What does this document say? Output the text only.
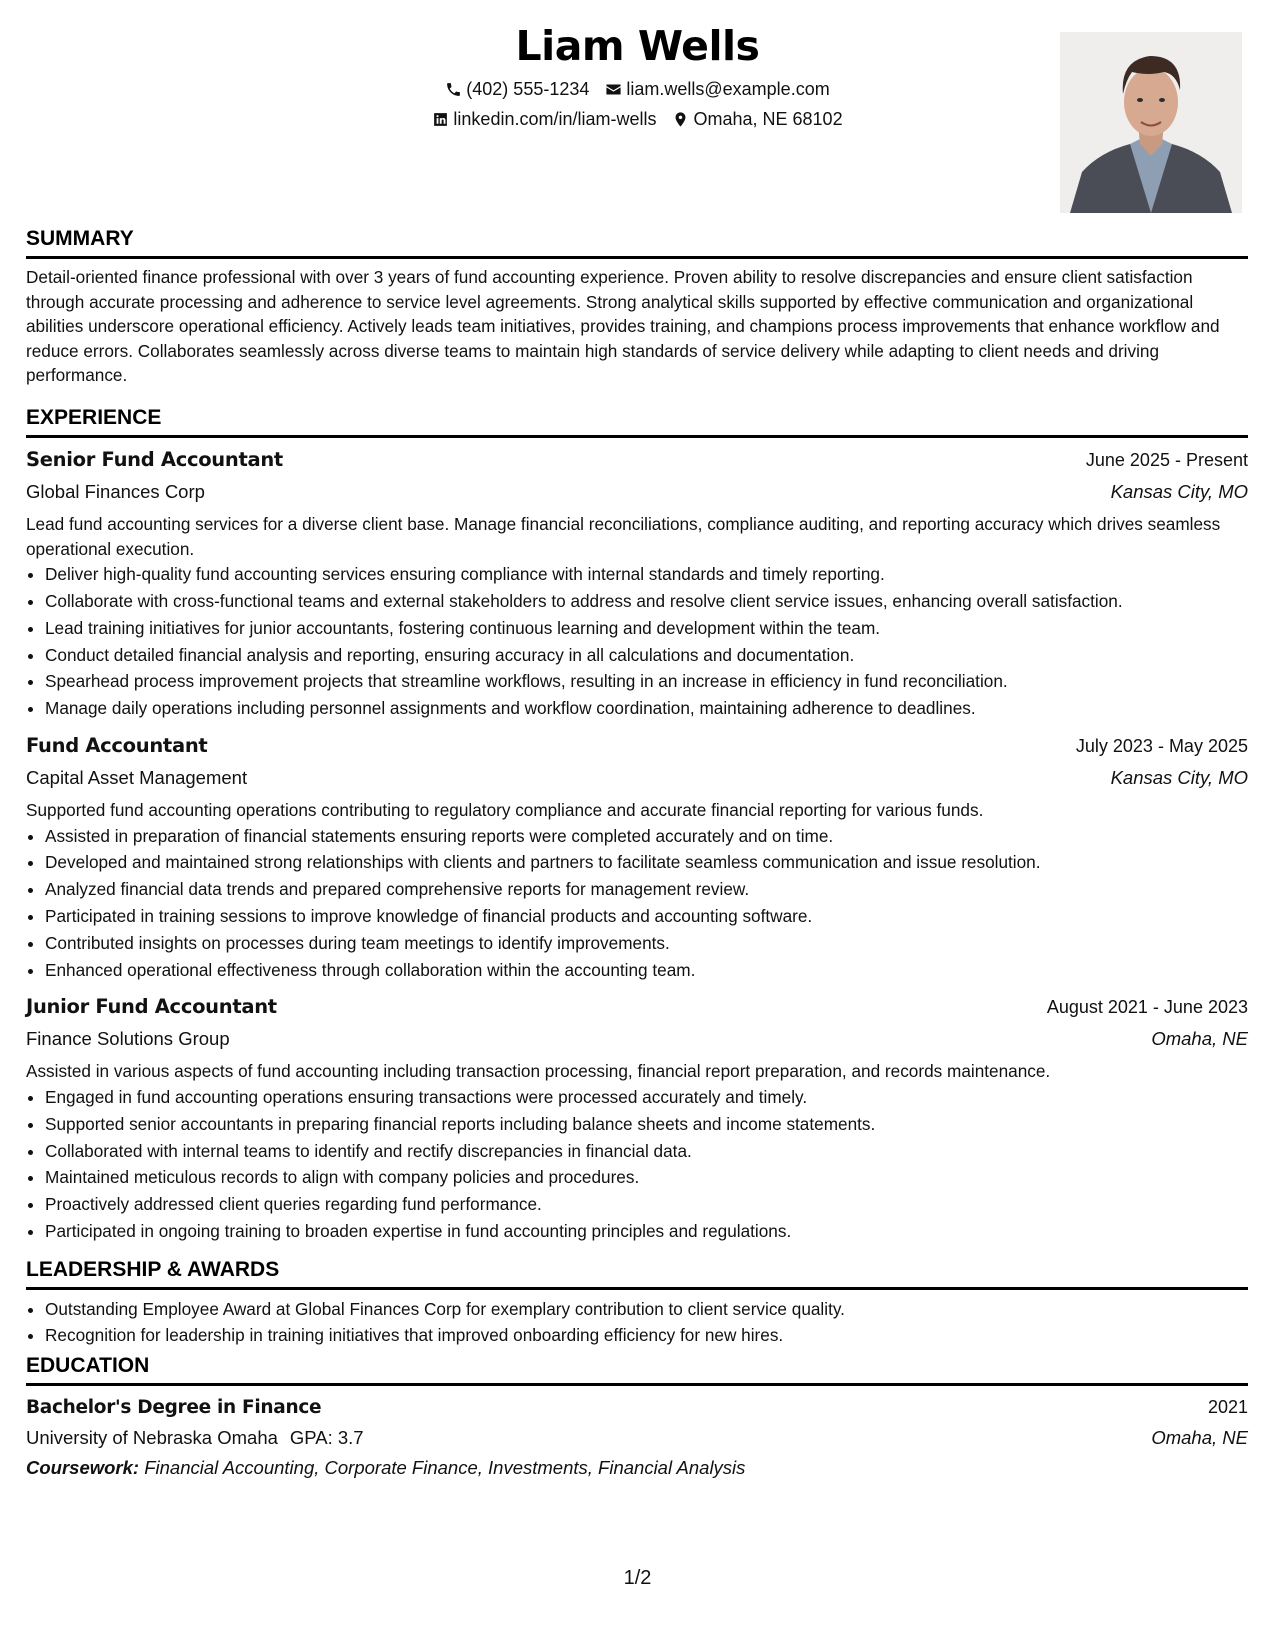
Liam Wells
(402) 555-1234 liam.wells@example.com
linkedin.com/in/liam-wells Omaha, NE 68102
SUMMARY

Detail-oriented finance professional with over 3 years of fund accounting experience. Proven ability to resolve discrepancies and ensure client satisfaction through accurate processing and adherence to service level agreements. Strong analytical skills supported by effective communication and organizational abilities underscore operational efficiency. Actively leads team initiatives, provides training, and champions process improvements that enhance workflow and reduce errors. Collaborates seamlessly across diverse teams to maintain high standards of service delivery while adapting to client needs and driving performance.

EXPERIENCE
Senior Fund Accountant	June 2025 - Present
Global Finances Corp	Kansas City, MO

Lead fund accounting services for a diverse client base. Manage financial reconciliations, compliance auditing, and reporting accuracy which drives seamless operational execution.

• Deliver high-quality fund accounting services ensuring compliance with internal standards and timely reporting.
• Collaborate with cross-functional teams and external stakeholders to address and resolve client service issues, enhancing overall satisfaction.
• Lead training initiatives for junior accountants, fostering continuous learning and development within the team.
• Conduct detailed financial analysis and reporting, ensuring accuracy in all calculations and documentation.
• Spearhead process improvement projects that streamline workflows, resulting in an increase in efficiency in fund reconciliation.
• Manage daily operations including personnel assignments and workflow coordination, maintaining adherence to deadlines.
Fund Accountant	July 2023 - May 2025
Capital Asset Management	Kansas City, MO

Supported fund accounting operations contributing to regulatory compliance and accurate financial reporting for various funds.

• Assisted in preparation of financial statements ensuring reports were completed accurately and on time.
• Developed and maintained strong relationships with clients and partners to facilitate seamless communication and issue resolution.
• Analyzed financial data trends and prepared comprehensive reports for management review.
• Participated in training sessions to improve knowledge of financial products and accounting software.
• Contributed insights on processes during team meetings to identify improvements.
• Enhanced operational effectiveness through collaboration within the accounting team.
Junior Fund Accountant	August 2021 - June 2023
Finance Solutions Group	Omaha, NE

Assisted in various aspects of fund accounting including transaction processing, financial report preparation, and records maintenance.

• Engaged in fund accounting operations ensuring transactions were processed accurately and timely.
• Supported senior accountants in preparing financial reports including balance sheets and income statements.
• Collaborated with internal teams to identify and rectify discrepancies in financial data.
• Maintained meticulous records to align with company policies and procedures.
• Proactively addressed client queries regarding fund performance.
• Participated in ongoing training to broaden expertise in fund accounting principles and regulations.
LEADERSHIP & AWARDS
• Outstanding Employee Award at Global Finances Corp for exemplary contribution to client service quality.
• Recognition for leadership in training initiatives that improved onboarding efficiency for new hires.
EDUCATION
Bachelor's Degree in Finance	2021
University of Nebraska Omaha GPA: 3.7	Omaha, NE
Coursework: Financial Accounting, Corporate Finance, Investments, Financial Analysis
1/2
